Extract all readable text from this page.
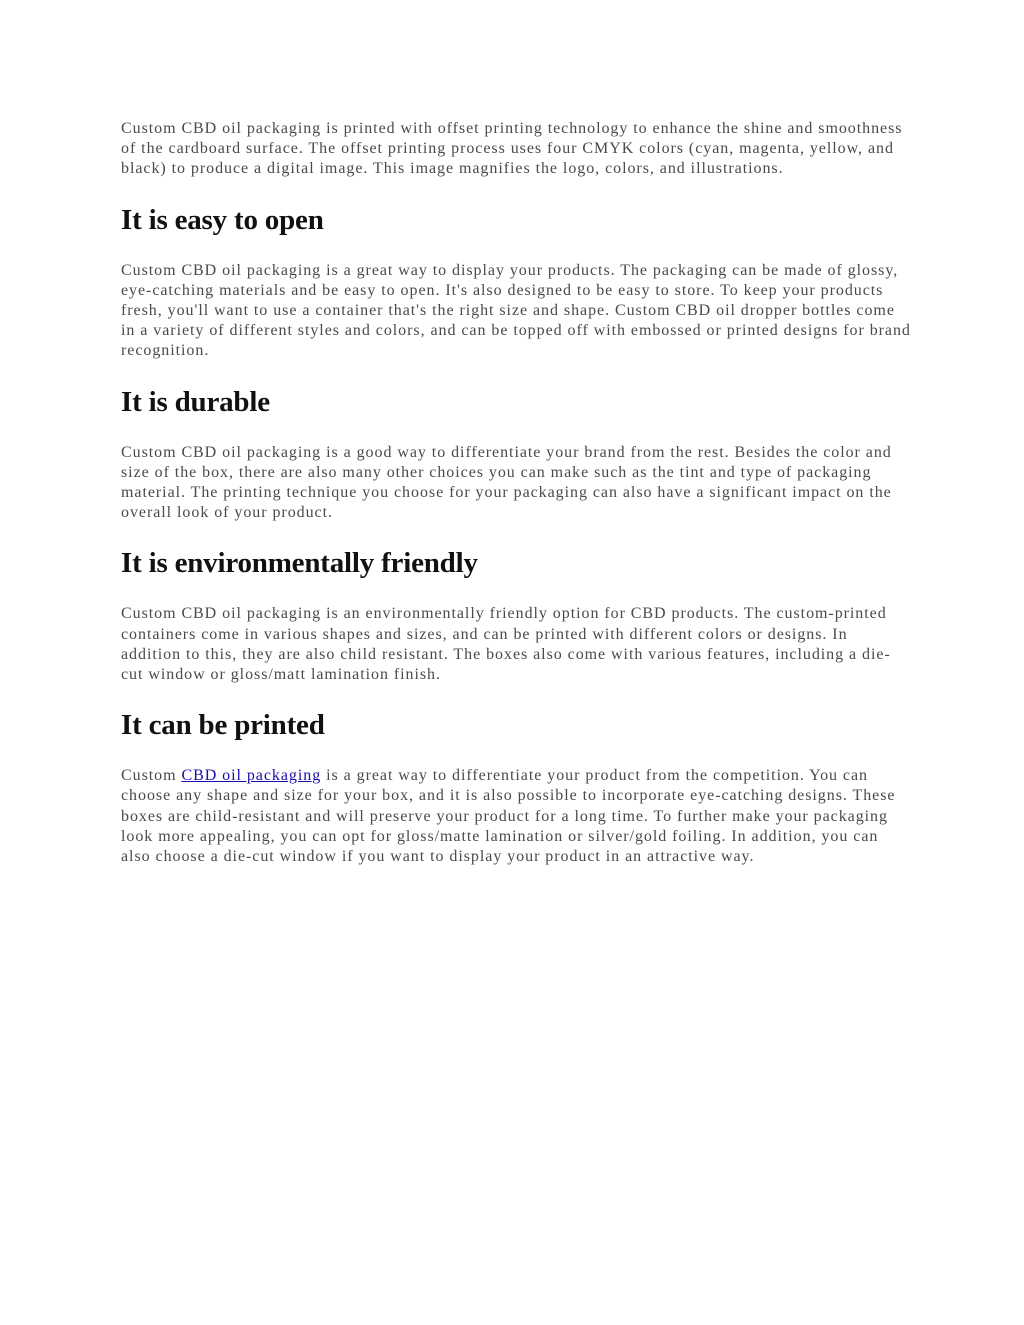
Custom CBD oil packaging is printed with offset printing technology to enhance the shine and smoothness of the cardboard surface. The offset printing process uses four CMYK colors (cyan, magenta, yellow, and black) to produce a digital image. This image magnifies the logo, colors, and illustrations.

It is easy to open

Custom CBD oil packaging is a great way to display your products. The packaging can be made of glossy, eye-catching materials and be easy to open. It's also designed to be easy to store. To keep your products fresh, you'll want to use a container that's the right size and shape. Custom CBD oil dropper bottles come in a variety of different styles and colors, and can be topped off with embossed or printed designs for brand recognition.

It is durable

Custom CBD oil packaging is a good way to differentiate your brand from the rest. Besides the color and size of the box, there are also many other choices you can make such as the tint and type of packaging material. The printing technique you choose for your packaging can also have a significant impact on the overall look of your product.

It is environmentally friendly

Custom CBD oil packaging is an environmentally friendly option for CBD products. The custom-printed containers come in various shapes and sizes, and can be printed with different colors or designs. In addition to this, they are also child resistant. The boxes also come with various features, including a die-cut window or gloss/matt lamination finish.

It can be printed

Custom CBD oil packaging is a great way to differentiate your product from the competition. You can choose any shape and size for your box, and it is also possible to incorporate eye-catching designs. These boxes are child-resistant and will preserve your product for a long time. To further make your packaging look more appealing, you can opt for gloss/matte lamination or silver/gold foiling. In addition, you can also choose a die-cut window if you want to display your product in an attractive way.
